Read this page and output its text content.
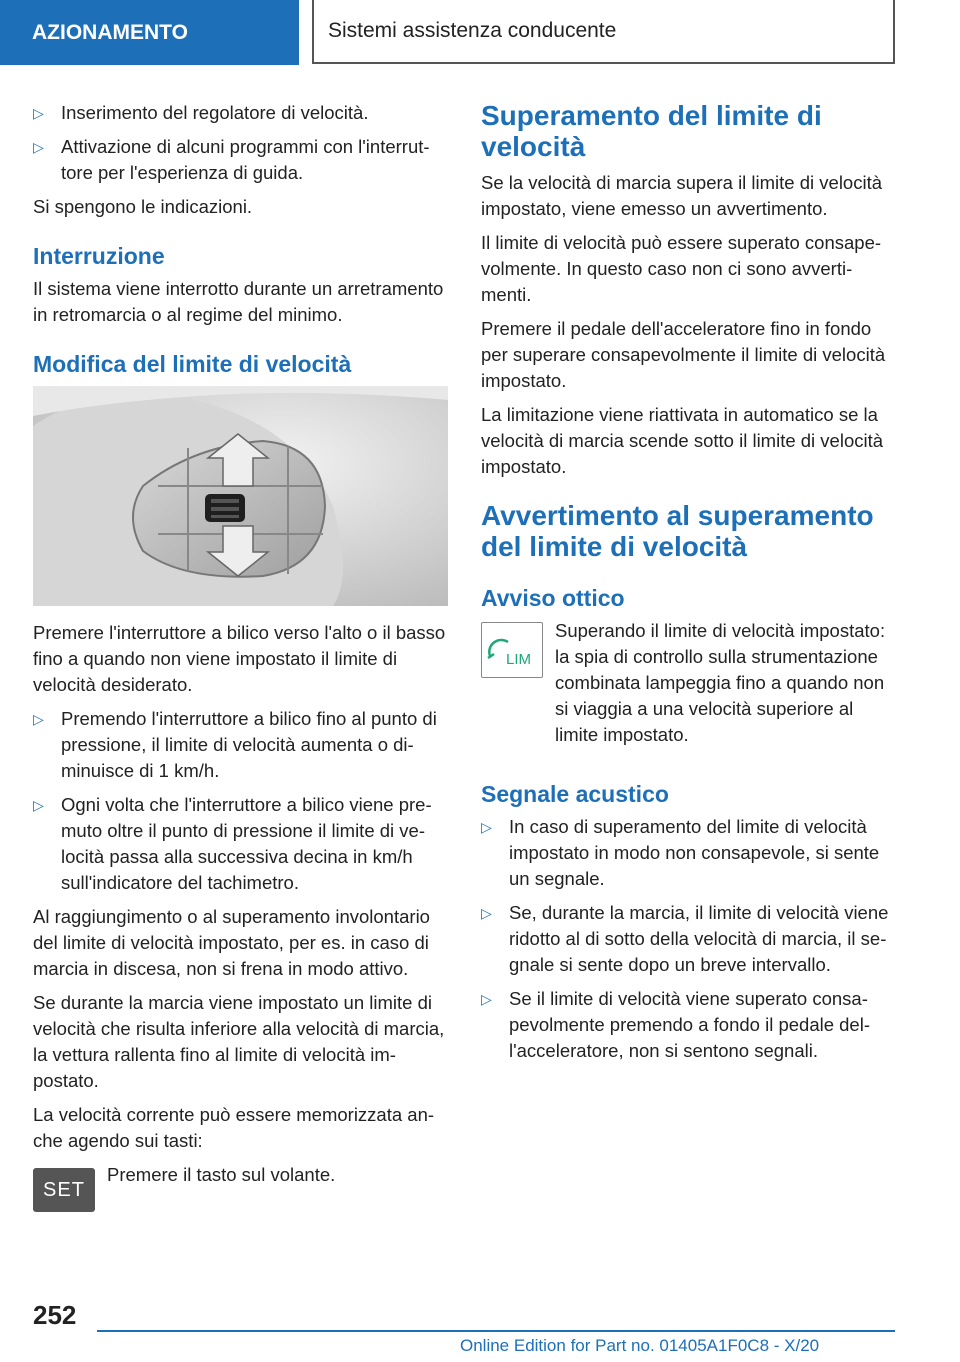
AZIONAMENTO	Sistemi assistenza conducente
▷ Inserimento del regolatore di velocità.
▷ Attivazione di alcuni programmi con l'interruttore per l'esperienza di guida.

Si spengono le indicazioni.

Interruzione

Il sistema viene interrotto durante un arretramento in retromarcia o al regime del minimo.

Modifica del limite di velocità

Premere l'interruttore a bilico verso l'alto o il basso fino a quando non viene impostato il limite di velocità desiderato.

▷ Premendo l'interruttore a bilico fino al punto di pressione, il limite di velocità aumenta o diminuisce di 1 km/h.
▷ Ogni volta che l'interruttore a bilico viene premuto oltre il punto di pressione il limite di velocità passa alla successiva decina in km/h sull'indicatore del tachimetro.

Al raggiungimento o al superamento involontario del limite di velocità impostato, per es. in caso di marcia in discesa, non si frena in modo attivo.

Se durante la marcia viene impostato un limite di velocità che risulta inferiore alla velocità di marcia, la vettura rallenta fino al limite di velocità impostato.

La velocità corrente può essere memorizzata anche agendo sui tasti:

SET
Premere il tasto sul volante.
Superamento del limite di velocità

Se la velocità di marcia supera il limite di velocità impostato, viene emesso un avvertimento.

Il limite di velocità può essere superato consapevolmente. In questo caso non ci sono avvertimenti.

Premere il pedale dell'acceleratore fino in fondo per superare consapevolmente il limite di velocità impostato.

La limitazione viene riattivata in automatico se la velocità di marcia scende sotto il limite di velocità impostato.

Avvertimento al superamento del limite di velocità
Avviso ottico
LIM

Superando il limite di velocità impostato: la spia di controllo sulla strumentazione combinata lampeggia fino a quando non si viaggia a una velocità superiore al limite impostato.

Segnale acustico
▷ In caso di superamento del limite di velocità impostato in modo non consapevole, si sente un segnale.
▷ Se, durante la marcia, il limite di velocità viene ridotto al di sotto della velocità di marcia, il segnale si sente dopo un breve intervallo.
▷ Se il limite di velocità viene superato consapevolmente premendo a fondo il pedale dell'acceleratore, non si sentono segnali.
252
Online Edition for Part no. 01405A1F0C8 - X/20
